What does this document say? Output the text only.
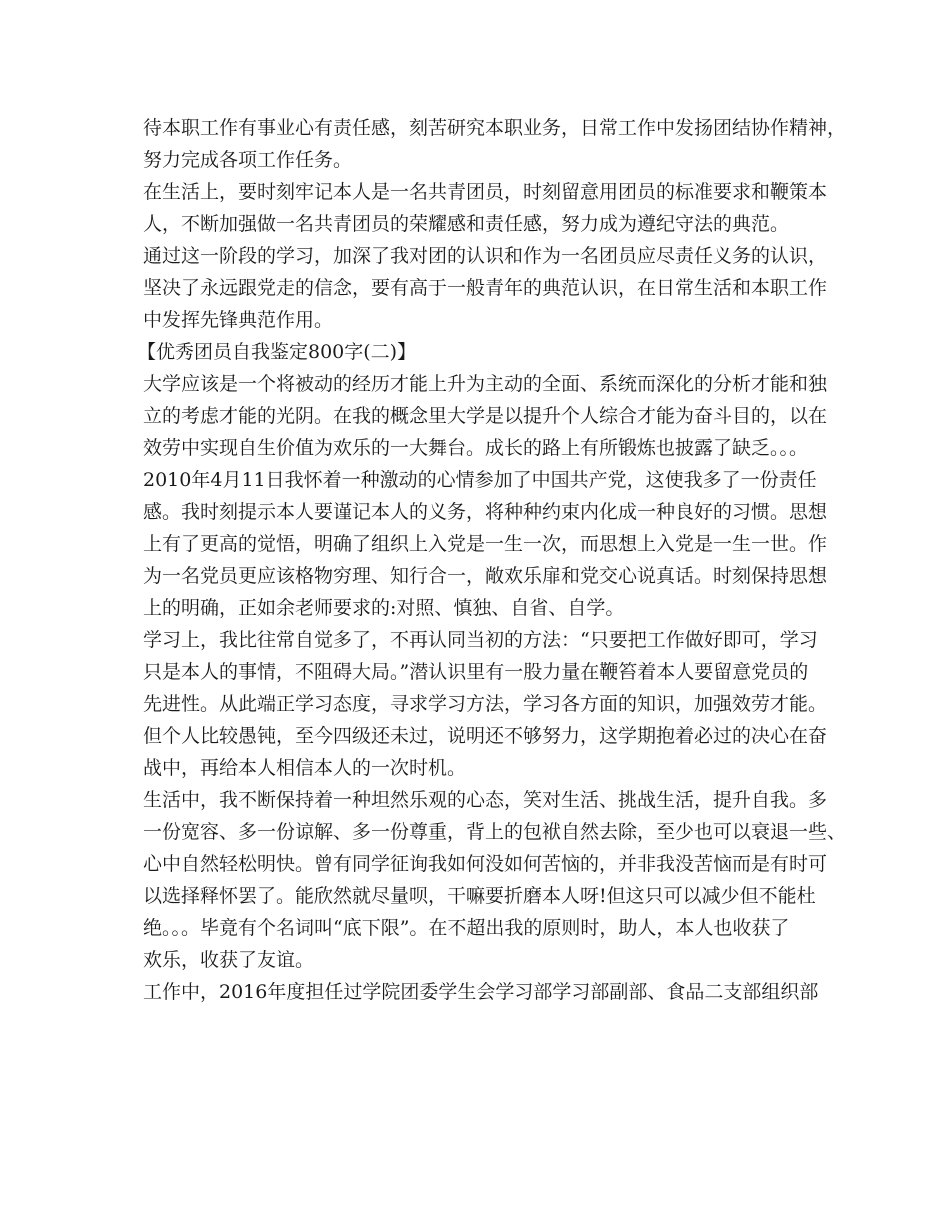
待本职工作有事业心有责任感，刻苦研究本职业务，日常工作中发扬团结协作精神，
努力完成各项工作任务。
在生活上，要时刻牢记本人是一名共青团员，时刻留意用团员的标准要求和鞭策本
人，不断加强做一名共青团员的荣耀感和责任感，努力成为遵纪守法的典范。
通过这一阶段的学习，加深了我对团的认识和作为一名团员应尽责任义务的认识，
坚决了永远跟党走的信念，要有高于一般青年的典范认识，在日常生活和本职工作
中发挥先锋典范作用。
【优秀团员自我鉴定800字(二)】
大学应该是一个将被动的经历才能上升为主动的全面、系统而深化的分析才能和独
立的考虑才能的光阴。在我的概念里大学是以提升个人综合才能为奋斗目的，以在
效劳中实现自生价值为欢乐的一大舞台。成长的路上有所锻炼也披露了缺乏。。。
2010年4月11日我怀着一种激动的心情参加了中国共产党，这使我多了一份责任
感。我时刻提示本人要谨记本人的义务，将种种约束内化成一种良好的习惯。思想
上有了更高的觉悟，明确了组织上入党是一生一次，而思想上入党是一生一世。作
为一名党员更应该格物穷理、知行合一，敞欢乐扉和党交心说真话。时刻保持思想
上的明确，正如余老师要求的:对照、慎独、自省、自学。
学习上，我比往常自觉多了，不再认同当初的方法：“只要把工作做好即可，学习
只是本人的事情，不阻碍大局。”潜认识里有一股力量在鞭笞着本人要留意党员的
先进性。从此端正学习态度，寻求学习方法，学习各方面的知识，加强效劳才能。
但个人比较愚钝，至今四级还未过，说明还不够努力，这学期抱着必过的决心在奋
战中，再给本人相信本人的一次时机。
生活中，我不断保持着一种坦然乐观的心态，笑对生活、挑战生活，提升自我。多
一份宽容、多一份谅解、多一份尊重，背上的包袱自然去除，至少也可以衰退一些、
心中自然轻松明快。曾有同学征询我如何没如何苦恼的，并非我没苦恼而是有时可
以选择释怀罢了。能欣然就尽量呗，干嘛要折磨本人呀!但这只可以减少但不能杜
绝。。。毕竟有个名词叫“底下限”。在不超出我的原则时，助人，本人也收获了
欢乐，收获了友谊。
工作中，2016年度担任过学院团委学生会学习部学习部副部、食品二支部组织部
